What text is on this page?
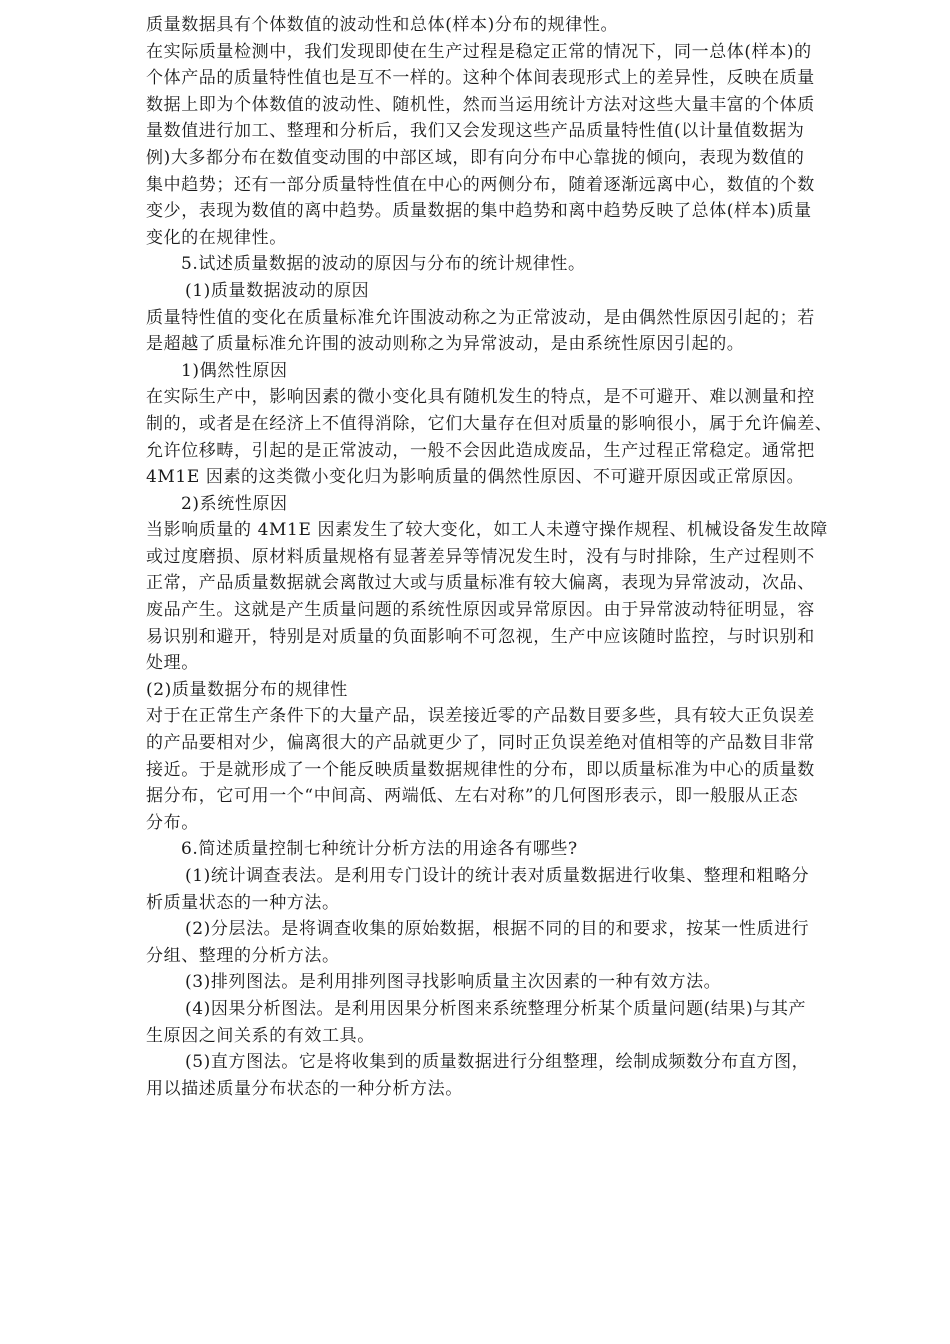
质量数据具有个体数值的波动性和总体(样本)分布的规律性。

在实际质量检测中，我们发现即使在生产过程是稳定正常的情况下，同一总体(样本)的

个体产品的质量特性值也是互不一样的。这种个体间表现形式上的差异性，反映在质量

数据上即为个体数值的波动性、随机性，然而当运用统计方法对这些大量丰富的个体质

量数值进行加工、整理和分析后，我们又会发现这些产品质量特性值(以计量值数据为

例)大多都分布在数值变动围的中部区域，即有向分布中心靠拢的倾向，表现为数值的

集中趋势；还有一部分质量特性值在中心的两侧分布，随着逐渐远离中心，数值的个数

变少，表现为数值的离中趋势。质量数据的集中趋势和离中趋势反映了总体(样本)质量

变化的在规律性。

5.试述质量数据的波动的原因与分布的统计规律性。

(1)质量数据波动的原因

质量特性值的变化在质量标准允许围波动称之为正常波动，是由偶然性原因引起的；若

是超越了质量标准允许围的波动则称之为异常波动，是由系统性原因引起的。

1)偶然性原因

在实际生产中，影响因素的微小变化具有随机发生的特点，是不可避开、难以测量和控

制的，或者是在经济上不值得消除，它们大量存在但对质量的影响很小，属于允许偏差、

允许位移畴，引起的是正常波动，一般不会因此造成废品，生产过程正常稳定。通常把

4M1E 因素的这类微小变化归为影响质量的偶然性原因、不可避开原因或正常原因。

2)系统性原因

当影响质量的 4M1E 因素发生了较大变化，如工人未遵守操作规程、机械设备发生故障

或过度磨损、原材料质量规格有显著差异等情况发生时，没有与时排除，生产过程则不

正常，产品质量数据就会离散过大或与质量标准有较大偏离，表现为异常波动，次品、

废品产生。这就是产生质量问题的系统性原因或异常原因。由于异常波动特征明显，容

易识别和避开，特别是对质量的负面影响不可忽视，生产中应该随时监控，与时识别和

处理。

(2)质量数据分布的规律性

对于在正常生产条件下的大量产品，误差接近零的产品数目要多些，具有较大正负误差

的产品要相对少，偏离很大的产品就更少了，同时正负误差绝对值相等的产品数目非常

接近。于是就形成了一个能反映质量数据规律性的分布，即以质量标准为中心的质量数

据分布，它可用一个“中间高、两端低、左右对称”的几何图形表示，即一般服从正态

分布。

6.简述质量控制七种统计分析方法的用途各有哪些?

(1)统计调查表法。是利用专门设计的统计表对质量数据进行收集、整理和粗略分

析质量状态的一种方法。

(2)分层法。是将调查收集的原始数据，根据不同的目的和要求，按某一性质进行

分组、整理的分析方法。

(3)排列图法。是利用排列图寻找影响质量主次因素的一种有效方法。

(4)因果分析图法。是利用因果分析图来系统整理分析某个质量问题(结果)与其产

生原因之间关系的有效工具。

(5)直方图法。它是将收集到的质量数据进行分组整理，绘制成频数分布直方图，

用以描述质量分布状态的一种分析方法。
